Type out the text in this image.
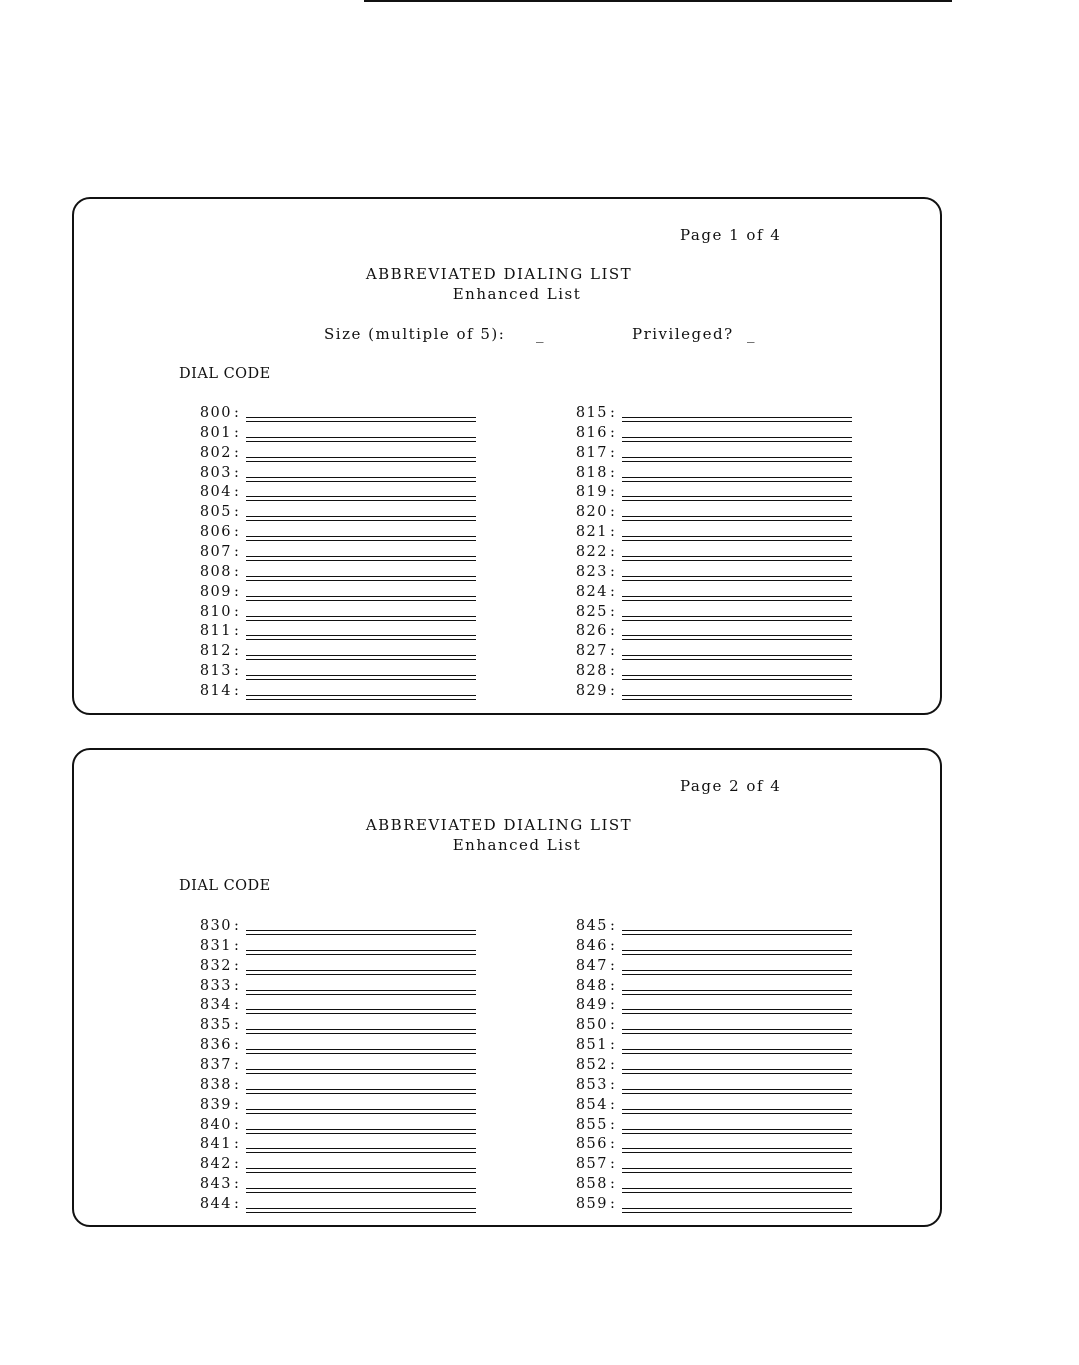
Page 1 of 4
ABBREVIATED DIALING LIST
Enhanced List
Size (multiple of 5): _	Privileged? _
DIAL CODE
800 :
801 :
802 :
803 :
804 :
805 :
806 :
807 :
808 :
809 :
810 :
811 :
812 :
813 :
814 :
815 :
816 :
817 :
818 :
819 :
820 :
821 :
822 :
823 :
824 :
825 :
826 :
827 :
828 :
829 :
Page 2 of 4
ABBREVIATED DIALING LIST
Enhanced List
DIAL CODE
830 :
831 :
832 :
833 :
834 :
835 :
836 :
837 :
838 :
839 :
840 :
841 :
842 :
843 :
844 :
845 :
846 :
847 :
848 :
849 :
850 :
851 :
852 :
853 :
854 :
855 :
856 :
857 :
858 :
859 :
